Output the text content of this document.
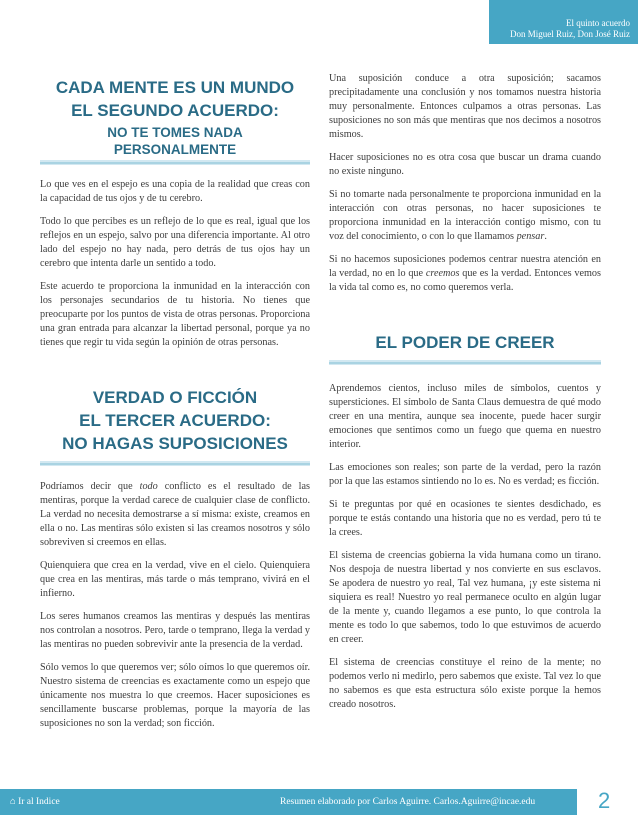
El quinto acuerdo
Don Miguel Ruiz, Don José Ruiz
CADA MENTE ES UN MUNDO
EL SEGUNDO ACUERDO:
NO TE TOMES NADA
PERSONALMENTE

Lo que ves en el espejo es una copia de la realidad que creas con la capacidad de tus ojos y de tu cerebro.

Todo lo que percibes es un reflejo de lo que es real, igual que los reflejos en un espejo, salvo por una diferencia importante. Al otro lado del espejo no hay nada, pero detrás de tus ojos hay un cerebro que intenta darle un sentido a todo.

Este acuerdo te proporciona la inmunidad en la interacción con los personajes secundarios de tu historia. No tienes que preocuparte por los puntos de vista de otras personas. Proporciona una gran entrada para alcanzar la libertad personal, porque ya no tienes que regir tu vida según la opinión de otras personas.

VERDAD O FICCIÓN
EL TERCER ACUERDO:
NO HAGAS SUPOSICIONES

Podríamos decir que todo conflicto es el resultado de las mentiras, porque la verdad carece de cualquier clase de conflicto. La verdad no necesita demostrarse a sí misma: existe, creamos en ella o no. Las mentiras sólo existen si las creamos nosotros y sólo sobreviven si creemos en ellas.

Quienquiera que crea en la verdad, vive en el cielo. Quienquiera que crea en las mentiras, más tarde o más temprano, vivirá en el infierno.

Los seres humanos creamos las mentiras y después las mentiras nos controlan a nosotros. Pero, tarde o temprano, llega la verdad y las mentiras no pueden sobrevivir ante la presencia de la verdad.

Sólo vemos lo que queremos ver; sólo oímos lo que queremos oír. Nuestro sistema de creencias es exactamente como un espejo que únicamente nos muestra lo que creemos. Hacer suposiciones es sencillamente buscarse problemas, porque la mayoría de las suposiciones no son la verdad; son ficción.

Una suposición conduce a otra suposición; sacamos precipitadamente una conclusión y nos tomamos nuestra historia muy personalmente. Entonces culpamos a otras personas. Las suposiciones no son más que mentiras que nos decimos a nosotros mismos.

Hacer suposiciones no es otra cosa que buscar un drama cuando no existe ninguno.

Si no tomarte nada personalmente te proporciona inmunidad en la interacción con otras personas, no hacer suposiciones te proporciona inmunidad en la interacción contigo mismo, con tu voz del conocimiento, o con lo que llamamos pensar.

Si no hacemos suposiciones podemos centrar nuestra atención en la verdad, no en lo que creemos que es la verdad. Entonces vemos la vida tal como es, no como queremos verla.

EL PODER DE CREER

Aprendemos cientos, incluso miles de símbolos, cuentos y supersticiones. El símbolo de Santa Claus demuestra de qué modo creer en una mentira, aunque sea inocente, puede hacer surgir emociones que sentimos como un fuego que quema en nuestro interior.

Las emociones son reales; son parte de la verdad, pero la razón por la que las estamos sintiendo no lo es. No es verdad; es ficción.

Si te preguntas por qué en ocasiones te sientes desdichado, es porque te estás contando una historia que no es verdad, pero tú te la crees.

El sistema de creencias gobierna la vida humana como un tirano. Nos despoja de nuestra libertad y nos convierte en sus esclavos. Se apodera de nuestro yo real, Tal vez humana, ¡y este sistema ni siquiera es real! Nuestro yo real permanece oculto en algún lugar de la mente y, cuando llegamos a ese punto, lo que controla la mente es todo lo que sabemos, todo lo que estuvimos de acuerdo en creer.

El sistema de creencias constituye el reino de la mente; no podemos verlo ni medirlo, pero sabemos que existe. Tal vez lo que no sabemos es que esta estructura sólo existe porque la hemos creado nosotros.

⌂ Ir al Indice	Resumen elaborado por Carlos Aguirre. Carlos.Aguirre@incae.edu	2
